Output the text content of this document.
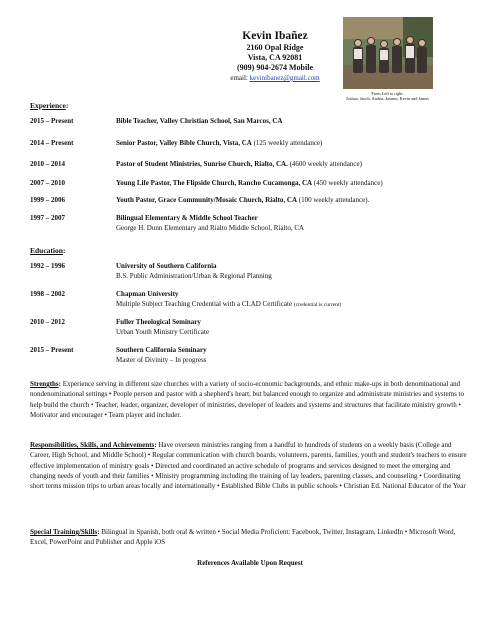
Kevin Ibañez
2160 Opal Ridge
Vista, CA 92081
(909) 904-2674 Mobile
email: kevinibanez@gmail.com
From Left to right:
Joshua, Jacob, Andria, Jasmin, Kevin and James
Experience:
2015 – Present	Bible Teacher, Valley Christian School, San Marcos, CA
2014 – Present	Senior Pastor, Valley Bible Church, Vista, CA (125 weekly attendance)
2010 – 2014	Pastor of Student Ministries, Sunrise Church, Rialto, CA. (4600 weekly attendance)
2007 – 2010	Young Life Pastor, The Flipside Church, Rancho Cucamonga, CA (450 weekly attendance)
1999 – 2006	Youth Pastor, Grace Community/Mosaic Church, Rialto, CA (100 weekly attendance).
1997 – 2007	Bilingual Elementary & Middle School Teacher
George H. Dunn Elementary and Rialto Middle School, Rialto, CA
Education:
1992 – 1996	University of Southern California
B.S. Public Administration/Urban & Regional Planning
1998 – 2002	Chapman University
Multiple Subject Teaching Credential with a CLAD Certificate (credential is current)
2010 – 2012	Fuller Theological Seminary
Urban Youth Ministry Certificate
2015 – Present	Southern California Seminary
Master of Divinity – In progress
Strengths: Experience serving in different size churches with a variety of socio-economic backgrounds, and ethnic make-ups in both denominational and nondenominational settings • People person and pastor with a shepherd's heart, but balanced enough to organize and administrate ministries and systems to help build the church • Teacher, leader, organizer, developer of ministries, developer of leaders and systems and structures that facilitate ministry growth • Motivator and encourager • Team player and includer.
Responsibilities, Skills, and Achievements: Have overseen ministries ranging from a handful to hundreds of students on a weekly basis (College and Career, High School, and Middle School) • Regular communication with church boards, volunteers, parents, families, youth and student's teachers to ensure effective implementation of ministry goals • Directed and coordinated an active schedule of programs and services designed to meet the emerging and changing needs of youth and their families • Ministry programming including the training of lay leaders, parenting classes, and counseling • Coordinating short terms mission trips to urban areas locally and internationally • Established Bible Clubs in public schools • Christian Ed. National Educator of the Year
Special Training/Skills: Bilingual in Spanish, both oral & written • Social Media Proficient: Facebook, Twitter, Instagram, LinkedIn • Microsoft Word, Excel, PowerPoint and Publisher and Apple iOS
References Available Upon Request
